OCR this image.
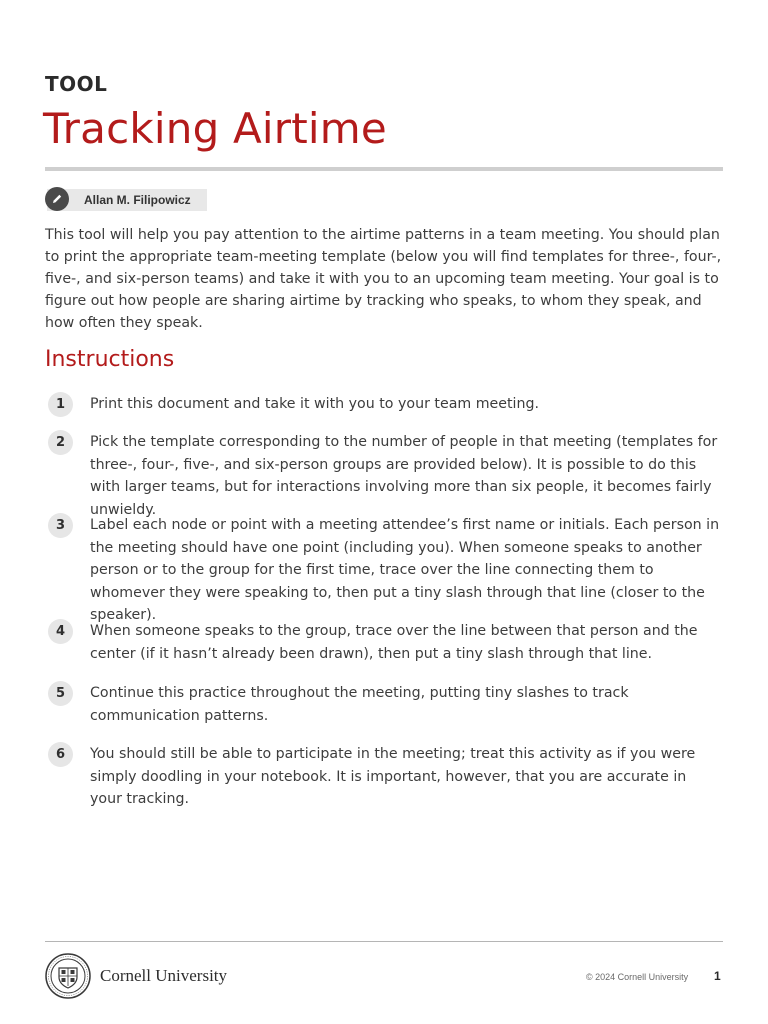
TOOL
Tracking Airtime
Allan M. Filipowicz

This tool will help you pay attention to the airtime patterns in a team meeting. You should plan to print the appropriate team-meeting template (below you will find templates for three-, four-, five-, and six-person teams) and take it with you to an upcoming team meeting. Your goal is to figure out how people are sharing airtime by tracking who speaks, to whom they speak, and how often they speak.

Instructions
1	Print this document and take it with you to your team meeting.

2	Pick the template corresponding to the number of people in that meeting (templates for three-, four-, five-, and six-person groups are provided below). It is possible to do this with larger teams, but for interactions involving more than six people, it becomes fairly unwieldy.

3	Label each node or point with a meeting attendee’s first name or initials. Each person in the meeting should have one point (including you). When someone speaks to another person or to the group for the first time, trace over the line connecting them to whomever they were speaking to, then put a tiny slash through that line (closer to the speaker).

4	When someone speaks to the group, trace over the line between that person and the center (if it hasn’t already been drawn), then put a tiny slash through that line.

5	Continue this practice throughout the meeting, putting tiny slashes to track communication patterns.

6	You should still be able to participate in the meeting; treat this activity as if you were simply doodling in your notebook. It is important, however, that you are accurate in your tracking.

Cornell University	© 2024 Cornell University 1
